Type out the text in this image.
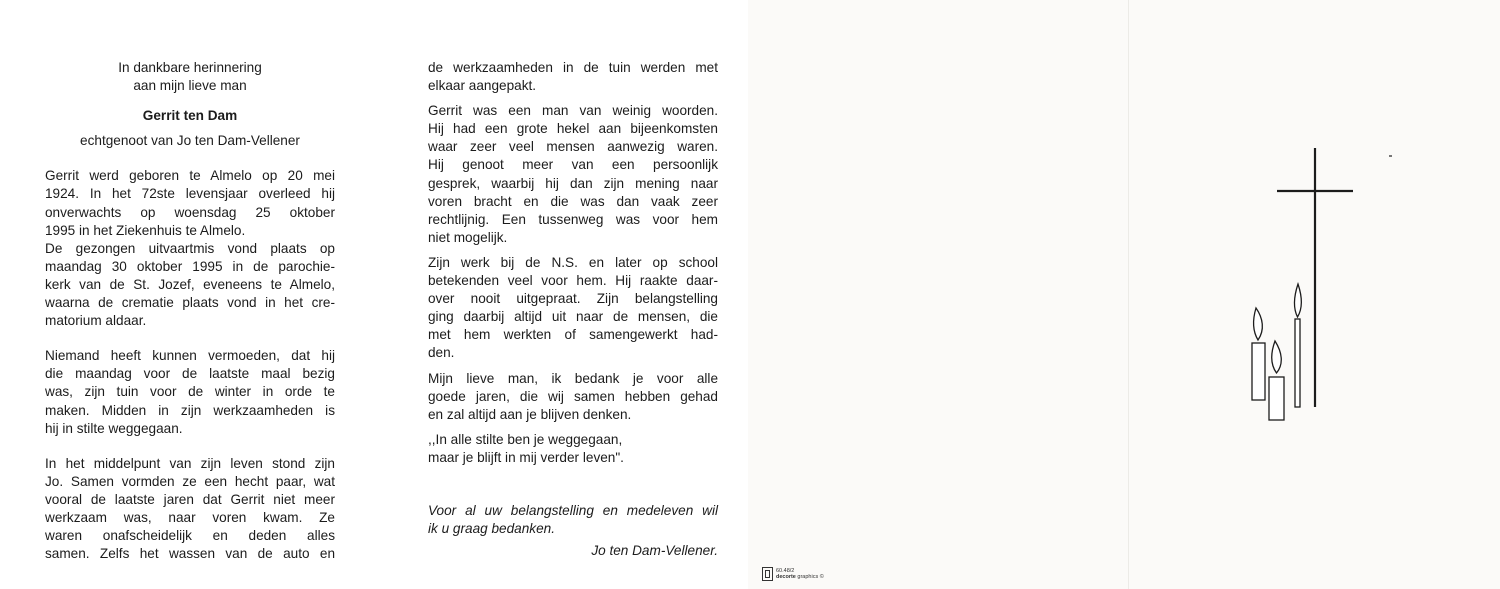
In dankbare herinnering
aan mijn lieve man
Gerrit ten Dam
echtgenoot van Jo ten Dam-Vellener
Gerrit werd geboren te Almelo op 20 mei
1924. In het 72ste levensjaar overleed hij
onverwachts op woensdag 25 oktober
1995 in het Ziekenhuis te Almelo.
De gezongen uitvaartmis vond plaats op
maandag 30 oktober 1995 in de parochie-
kerk van de St. Jozef, eveneens te Almelo,
waarna de crematie plaats vond in het cre-
matorium aldaar.
Niemand heeft kunnen vermoeden, dat hij
die maandag voor de laatste maal bezig
was, zijn tuin voor de winter in orde te
maken. Midden in zijn werkzaamheden is
hij in stilte weggegaan.
In het middelpunt van zijn leven stond zijn
Jo. Samen vormden ze een hecht paar, wat
vooral de laatste jaren dat Gerrit niet meer
werkzaam was, naar voren kwam. Ze
waren onafscheidelijk en deden alles
samen. Zelfs het wassen van de auto en
de werkzaamheden in de tuin werden met
elkaar aangepakt.
Gerrit was een man van weinig woorden.
Hij had een grote hekel aan bijeenkomsten
waar zeer veel mensen aanwezig waren.
Hij genoot meer van een persoonlijk
gesprek, waarbij hij dan zijn mening naar
voren bracht en die was dan vaak zeer
rechtlijnig. Een tussenweg was voor hem
niet mogelijk.
Zijn werk bij de N.S. en later op school
betekenden veel voor hem. Hij raakte daar-
over nooit uitgepraat. Zijn belangstelling
ging daarbij altijd uit naar de mensen, die
met hem werkten of samengewerkt had-
den.
Mijn lieve man, ik bedank je voor alle
goede jaren, die wij samen hebben gehad
en zal altijd aan je blijven denken.
,,In alle stilte ben je weggegaan,
maar je blijft in mij verder leven".
Voor al uw belangstelling en medeleven wil
ik u graag bedanken.
Jo ten Dam-Vellener.
60.48/2
decorte graphics ©
